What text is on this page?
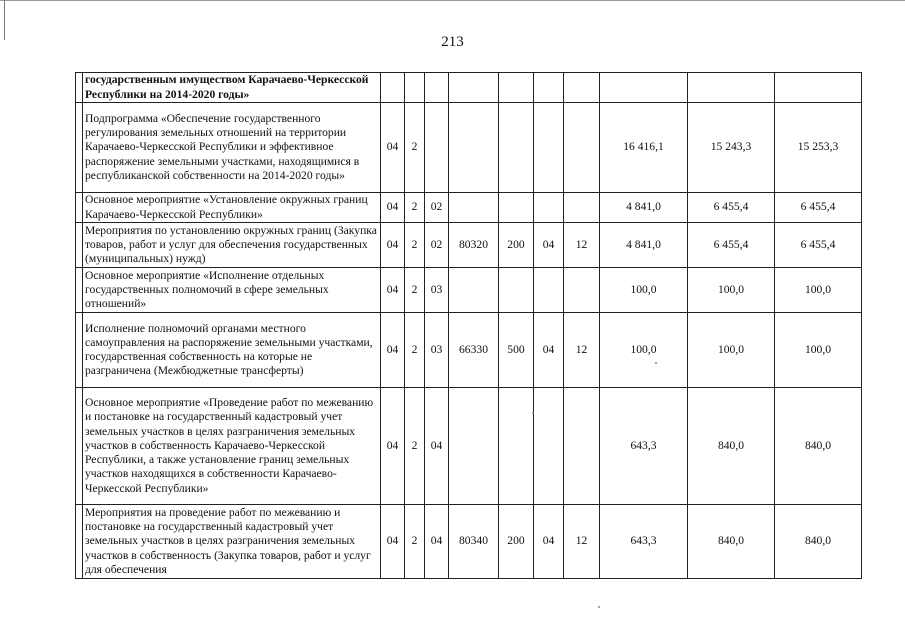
213
	государственным имуществом Карачаево-Черкесской Республики на 2014-2020 годы»										
	Подпрограмма «Обеспечение государственного регулирования земельных отношений на территории Карачаево-Черкесской Республики и эффективное распоряжение земельными участками, находящимися в республиканской собственности на 2014-2020 годы»	04	2						16 416,1	15 243,3	15 253,3
	Основное мероприятие «Установление окружных границ Карачаево-Черкесской Республики»	04	2	02					4 841,0	6 455,4	6 455,4
	Мероприятия по установлению окружных границ (Закупка товаров, работ и услуг для обеспечения государственных (муниципальных) нужд)	04	2	02	80320	200	04	12	4 841,0	6 455,4	6 455,4
	Основное мероприятие «Исполнение отдельных государственных полномочий в сфере земельных отношений»	04	2	03					100,0	100,0	100,0
	Исполнение полномочий органами местного самоуправления на распоряжение земельными участками, государственная собственность на которые не разграничена (Межбюджетные трансферты)	04	2	03	66330	500	04	12	100,0	100,0	100,0
	Основное мероприятие «Проведение работ по межеванию и постановке на государственный кадастровый учет земельных участков в целях разграничения земельных участков в собственность Карачаево-Черкесской Республики, а также установление границ земельных участков находящихся в собственности Карачаево-Черкесской Республики»	04	2	04					643,3	840,0	840,0
	Мероприятия на проведение работ по межеванию и постановке на государственный кадастровый учет земельных участков в целях разграничения земельных участков в собственность (Закупка товаров, работ и услуг для обеспечения	04	2	04	80340	200	04	12	643,3	840,0	840,0
